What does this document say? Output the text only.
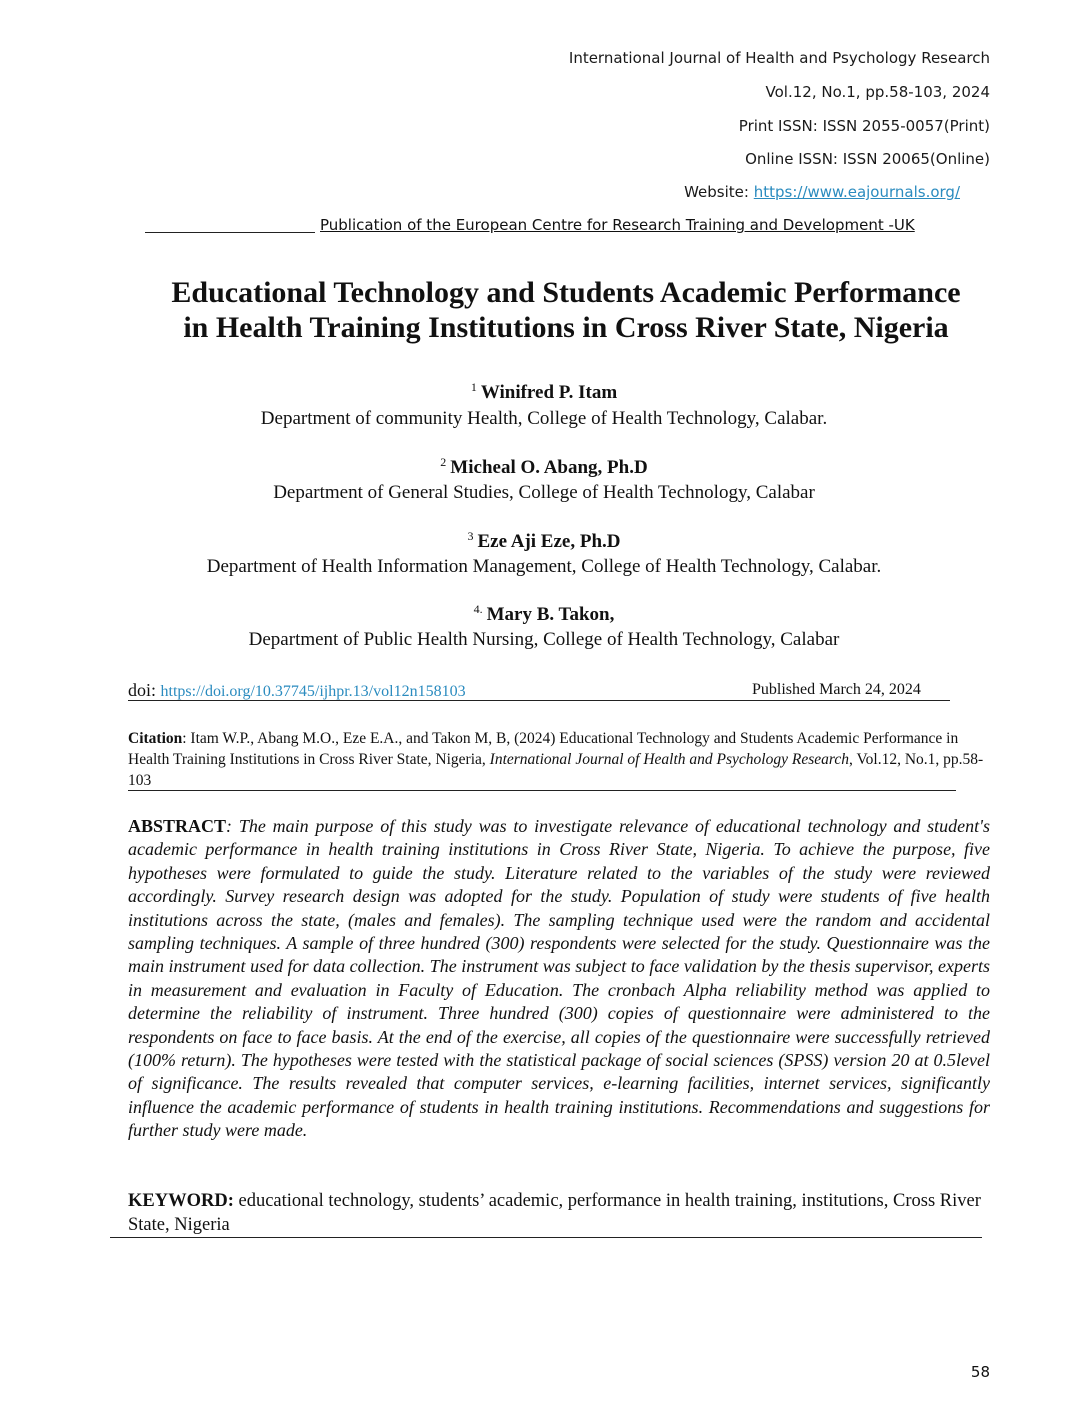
International Journal of Health and Psychology Research
Vol.12, No.1, pp.58-103, 2024
Print ISSN: ISSN 2055-0057(Print)
Online ISSN: ISSN 20065(Online)
Website: https://www.eajournals.org/
Publication of the European Centre for Research Training and Development -UK
Educational Technology and Students Academic Performance
in Health Training Institutions in Cross River State, Nigeria
$^1$ Winifred P. Itam
Department of community Health, College of Health Technology, Calabar.
$^2$ Micheal O. Abang, Ph.D
Department of General Studies, College of Health Technology, Calabar
$^3$ Eze Aji Eze, Ph.D
Department of Health Information Management, College of Health Technology, Calabar.
$^{4.}$ Mary B. Takon,
Department of Public Health Nursing, College of Health Technology, Calabar
doi: https://doi.org/10.37745/ijhpr.13/vol12n158103	Published March 24, 2024
Citation: Itam W.P., Abang M.O., Eze E.A., and Takon M, B, (2024) Educational Technology and Students Academic Performance in Health Training Institutions in Cross River State, Nigeria, International Journal of Health and Psychology Research, Vol.12, No.1, pp.58-103
ABSTRACT: The main purpose of this study was to investigate relevance of educational technology and student's academic performance in health training institutions in Cross River State, Nigeria. To achieve the purpose, five hypotheses were formulated to guide the study. Literature related to the variables of the study were reviewed accordingly. Survey research design was adopted for the study. Population of study were students of five health institutions across the state, (males and females). The sampling technique used were the random and accidental sampling techniques. A sample of three hundred (300) respondents were selected for the study. Questionnaire was the main instrument used for data collection. The instrument was subject to face validation by the thesis supervisor, experts in measurement and evaluation in Faculty of Education. The cronbach Alpha reliability method was applied to determine the reliability of instrument. Three hundred (300) copies of questionnaire were administered to the respondents on face to face basis. At the end of the exercise, all copies of the questionnaire were successfully retrieved (100% return). The hypotheses were tested with the statistical package of social sciences (SPSS) version 20 at 0.5level of significance. The results revealed that computer services, e-learning facilities, internet services, significantly influence the academic performance of students in health training institutions. Recommendations and suggestions for further study were made.
KEYWORD: educational technology, students’ academic, performance in health training, institutions, Cross River State, Nigeria
58
